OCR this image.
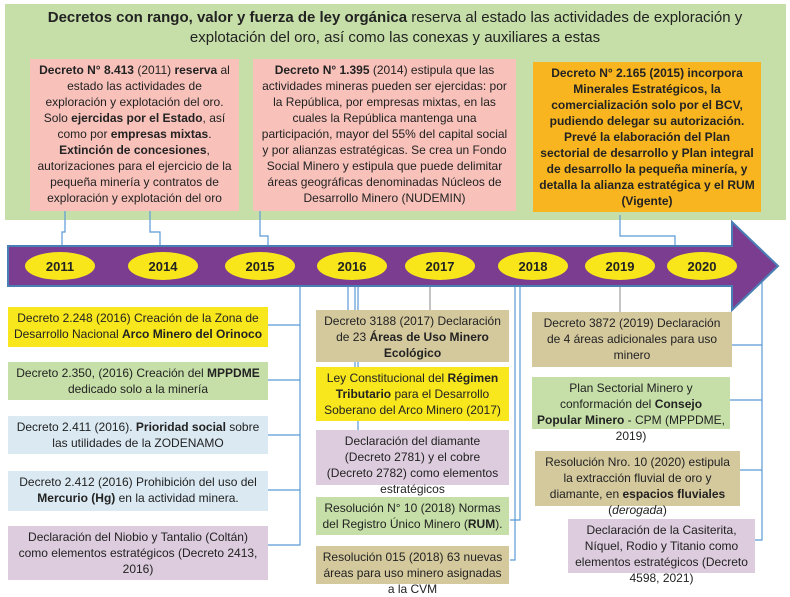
Decretos con rango, valor y fuerza de ley orgánica reserva al estado las actividades de exploración y explotación del oro, así como las conexas y auxiliares a estas
Decreto N° 8.413 (2011) reserva al estado las actividades de exploración y explotación del oro. Solo ejercidas por el Estado, así como por empresas mixtas. Extinción de concesiones, autorizaciones para el ejercicio de la pequeña minería y contratos de exploración y explotación del oro
Decreto N° 1.395 (2014) estipula que las actividades mineras pueden ser ejercidas: por la República, por empresas mixtas, en las cuales la República mantenga una participación, mayor del 55% del capital social y por alianzas estratégicas. Se crea un Fondo Social Minero y estipula que puede delimitar áreas geográficas denominadas Núcleos de Desarrollo Minero (NUDEMIN)
Decreto N° 2.165 (2015) incorpora Minerales Estratégicos, la comercialización solo por el BCV, pudiendo delegar su autorización. Prevé la elaboración del Plan sectorial de desarrollo y Plan integral de desarrollo la pequeña minería, y detalla la alianza estratégica y el RUM (Vigente)
2011	2014	2015	2016	2017	2018	2019	2020
Decreto 2.248 (2016) Creación de la Zona de Desarrollo Nacional Arco Minero del Orinoco
Decreto 2.350, (2016) Creación del MPPDME dedicado solo a la minería
Decreto 2.411 (2016). Prioridad social sobre las utilidades de la ZODENAMO
Decreto 2.412 (2016) Prohibición del uso del Mercurio (Hg) en la actividad minera.
Declaración del Niobio y Tantalio (Coltán) como elementos estratégicos (Decreto 2413, 2016)
Decreto 3188 (2017) Declaración de 23 Áreas de Uso Minero Ecológico
Ley Constitucional del Régimen Tributario para el Desarrollo Soberano del Arco Minero (2017)
Declaración del diamante (Decreto 2781) y el cobre (Decreto 2782) como elementos estratégicos
Resolución N° 10 (2018) Normas del Registro Único Minero (RUM).
Resolución 015 (2018) 63 nuevas áreas para uso minero asignadas a la CVM
Decreto 3872 (2019) Declaración de 4 áreas adicionales para uso minero
Plan Sectorial Minero y conformación del Consejo Popular Minero - CPM (MPPDME, 2019)
Resolución Nro. 10 (2020) estipula la extracción fluvial de oro y diamante, en espacios fluviales (derogada)
Declaración de la Casiterita, Níquel, Rodio y Titanio como elementos estratégicos (Decreto 4598, 2021)
